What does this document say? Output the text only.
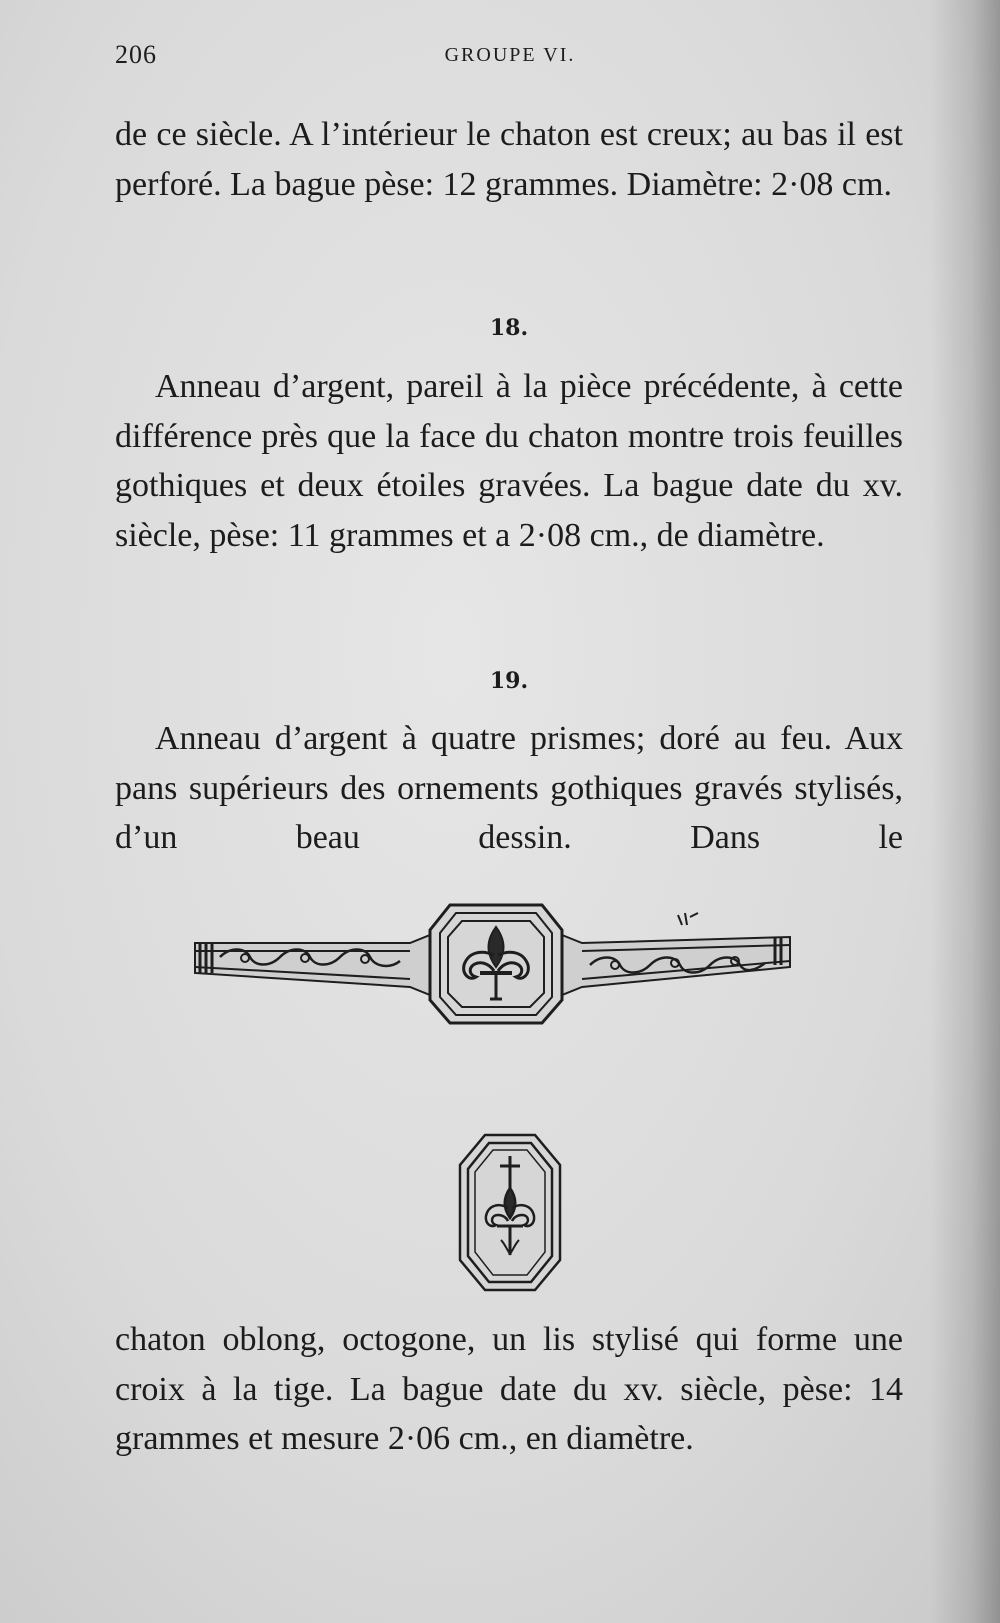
206	GROUPE VI.

de ce siècle. A l’intérieur le chaton est creux; au bas il est perforé. La bague pèse: 12 grammes. Diamètre: 2·08 cm.

18.

Anneau d’argent, pareil à la pièce précédente, à cette différence près que la face du chaton montre trois feuilles gothiques et deux étoiles gravées. La bague date du xv. siècle, pèse: 11 grammes et a 2·08 cm., de diamètre.

19.

Anneau d’argent à quatre prismes; doré au feu. Aux pans supérieurs des ornements gothiques gravés stylisés, d’un beau dessin. Dans le

chaton oblong, octogone, un lis stylisé qui forme une croix à la tige. La bague date du xv. siècle, pèse: 14 grammes et mesure 2·06 cm., en diamètre.
